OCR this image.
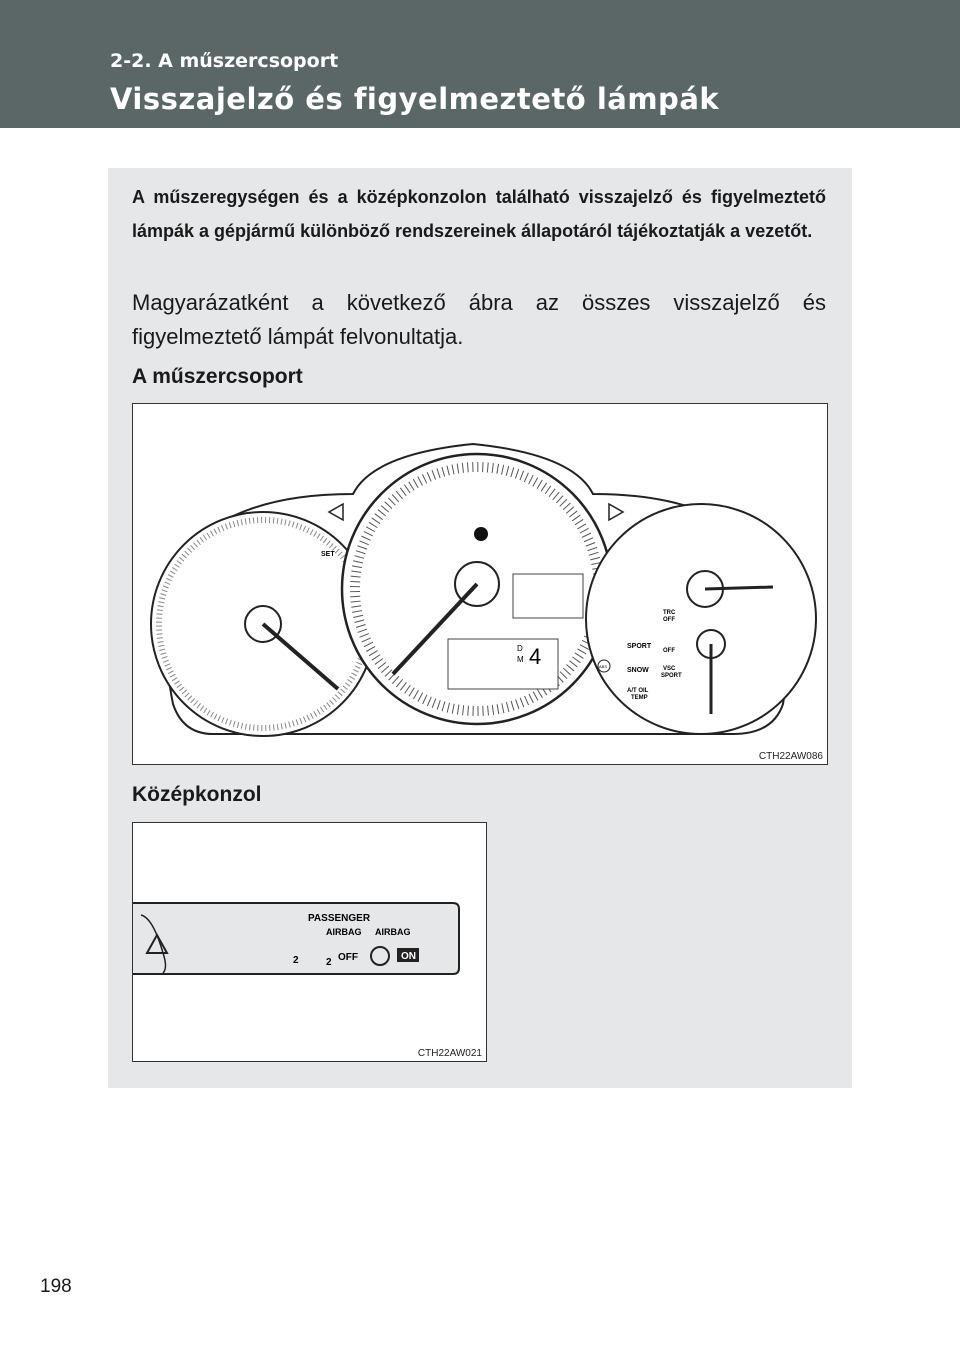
2-2. A műszercsoport
Visszajelző és figyelmeztető lámpák
A műszeregységen és a középkonzolon található visszajelző és figyelmeztető lámpák a gépjármű különböző rendszereinek állapotáról tájékoztatják a vezetőt.
Magyarázatként a következő ábra az összes visszajelző és figyelmeztető lámpát felvonultatja.
A műszercsoport
D
M 4
SET
TRC
OFF
SPORT
OFF
SNOW VSC
SPORT
ABS
A/T OIL
TEMP
CTH22AW086
Középkonzol
PASSENGER
AIRBAG AIRBAG
2	2 OFF	ON
CTH22AW021
198
